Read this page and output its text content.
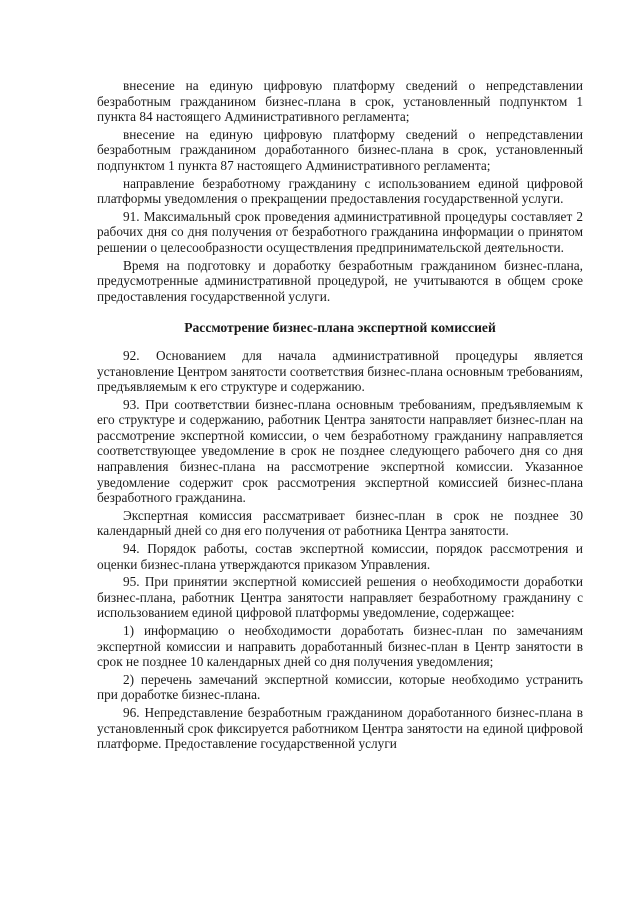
внесение на единую цифровую платформу сведений о непредставлении безработным гражданином бизнес-плана в срок, установленный подпунктом 1 пункта 84 настоящего Административного регламента;

внесение на единую цифровую платформу сведений о непредставлении безработным гражданином доработанного бизнес-плана в срок, установленный подпунктом 1 пункта 87 настоящего Административного регламента;

направление безработному гражданину с использованием единой цифровой платформы уведомления о прекращении предоставления государственной услуги.

91. Максимальный срок проведения административной процедуры составляет 2 рабочих дня со дня получения от безработного гражданина информации о принятом решении о целесообразности осуществления предпринимательской деятельности.

Время на подготовку и доработку безработным гражданином бизнес-плана, предусмотренные административной процедурой, не учитываются в общем сроке предоставления государственной услуги.

Рассмотрение бизнес-плана экспертной комиссией

92. Основанием для начала административной процедуры является установление Центром занятости соответствия бизнес-плана основным требованиям, предъявляемым к его структуре и содержанию.

93. При соответствии бизнес-плана основным требованиям, предъявляемым к его структуре и содержанию, работник Центра занятости направляет бизнес-план на рассмотрение экспертной комиссии, о чем безработному гражданину направляется соответствующее уведомление в срок не позднее следующего рабочего дня со дня направления бизнес-плана на рассмотрение экспертной комиссии. Указанное уведомление содержит срок рассмотрения экспертной комиссией бизнес-плана безработного гражданина.

Экспертная комиссия рассматривает бизнес-план в срок не позднее 30 календарный дней со дня его получения от работника Центра занятости.

94. Порядок работы, состав экспертной комиссии, порядок рассмотрения и оценки бизнес-плана утверждаются приказом Управления.

95. При принятии экспертной комиссией решения о необходимости доработки бизнес-плана, работник Центра занятости направляет безработному гражданину с использованием единой цифровой платформы уведомление, содержащее:

1) информацию о необходимости доработать бизнес-план по замечаниям экспертной комиссии и направить доработанный бизнес-план в Центр занятости в срок не позднее 10 календарных дней со дня получения уведомления;

2) перечень замечаний экспертной комиссии, которые необходимо устранить при доработке бизнес-плана.

96. Непредставление безработным гражданином доработанного бизнес-плана в установленный срок фиксируется работником Центра занятости на единой цифровой платформе. Предоставление государственной услуги
